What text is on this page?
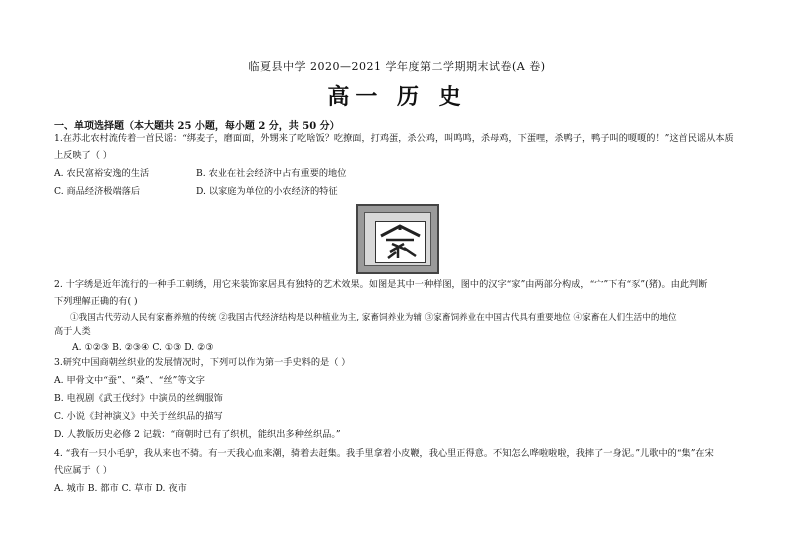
临夏县中学 2020—2021 学年度第二学期期末试卷(A 卷)
高一 历 史
一、单项选择题（本大题共 25 小题，每小题 2 分，共 50 分）
1.在苏北农村流传着一首民谣：“绑麦子，磨面面，外甥来了吃啥饭？吃撩面，打鸡蛋，杀公鸡，叫鸣鸣，杀母鸡，下蛋哩，杀鸭子，鸭子叫的嗄嗄的！”这首民谣从本质
上反映了（ ）
A. 农民富裕安逸的生活	B. 农业在社会经济中占有重要的地位
C. 商品经济极端落后	D. 以家庭为单位的小农经济的特征
2. 十字绣是近年流行的一种手工刺绣，用它来装饰家居具有独特的艺术效果。如图是其中一种样图，图中的汉字“家”由两部分构成，“宀”下有“豕”(猪)。由此判断
下列理解正确的有( )
①我国古代劳动人民有家畜养殖的传统 ②我国古代经济结构是以种植业为主, 家畜饲养业为辅 ③家畜饲养业在中国古代具有重要地位 ④家畜在人们生活中的地位
高于人类
A. ①②③ B. ②③④ C. ①③ D. ②③
3.研究中国商朝丝织业的发展情况时，下列可以作为第一手史料的是（ ）
A. 甲骨文中“蚕”、“桑”、“丝”等文字
B. 电视剧《武王伐纣》中演员的丝绸服饰
C. 小说《封神演义》中关于丝织品的描写
D. 人教版历史必修 2 记载：“商朝时已有了织机，能织出多种丝织品。”
4. “我有一只小毛驴，我从来也不骑。有一天我心血来潮，骑着去赶集。我手里拿着小皮鞭，我心里正得意。不知怎么哗啦啦啦，我摔了一身泥。”儿歌中的“集”在宋
代应属于（ ）
A. 城市 B. 都市 C. 草市 D. 夜市
